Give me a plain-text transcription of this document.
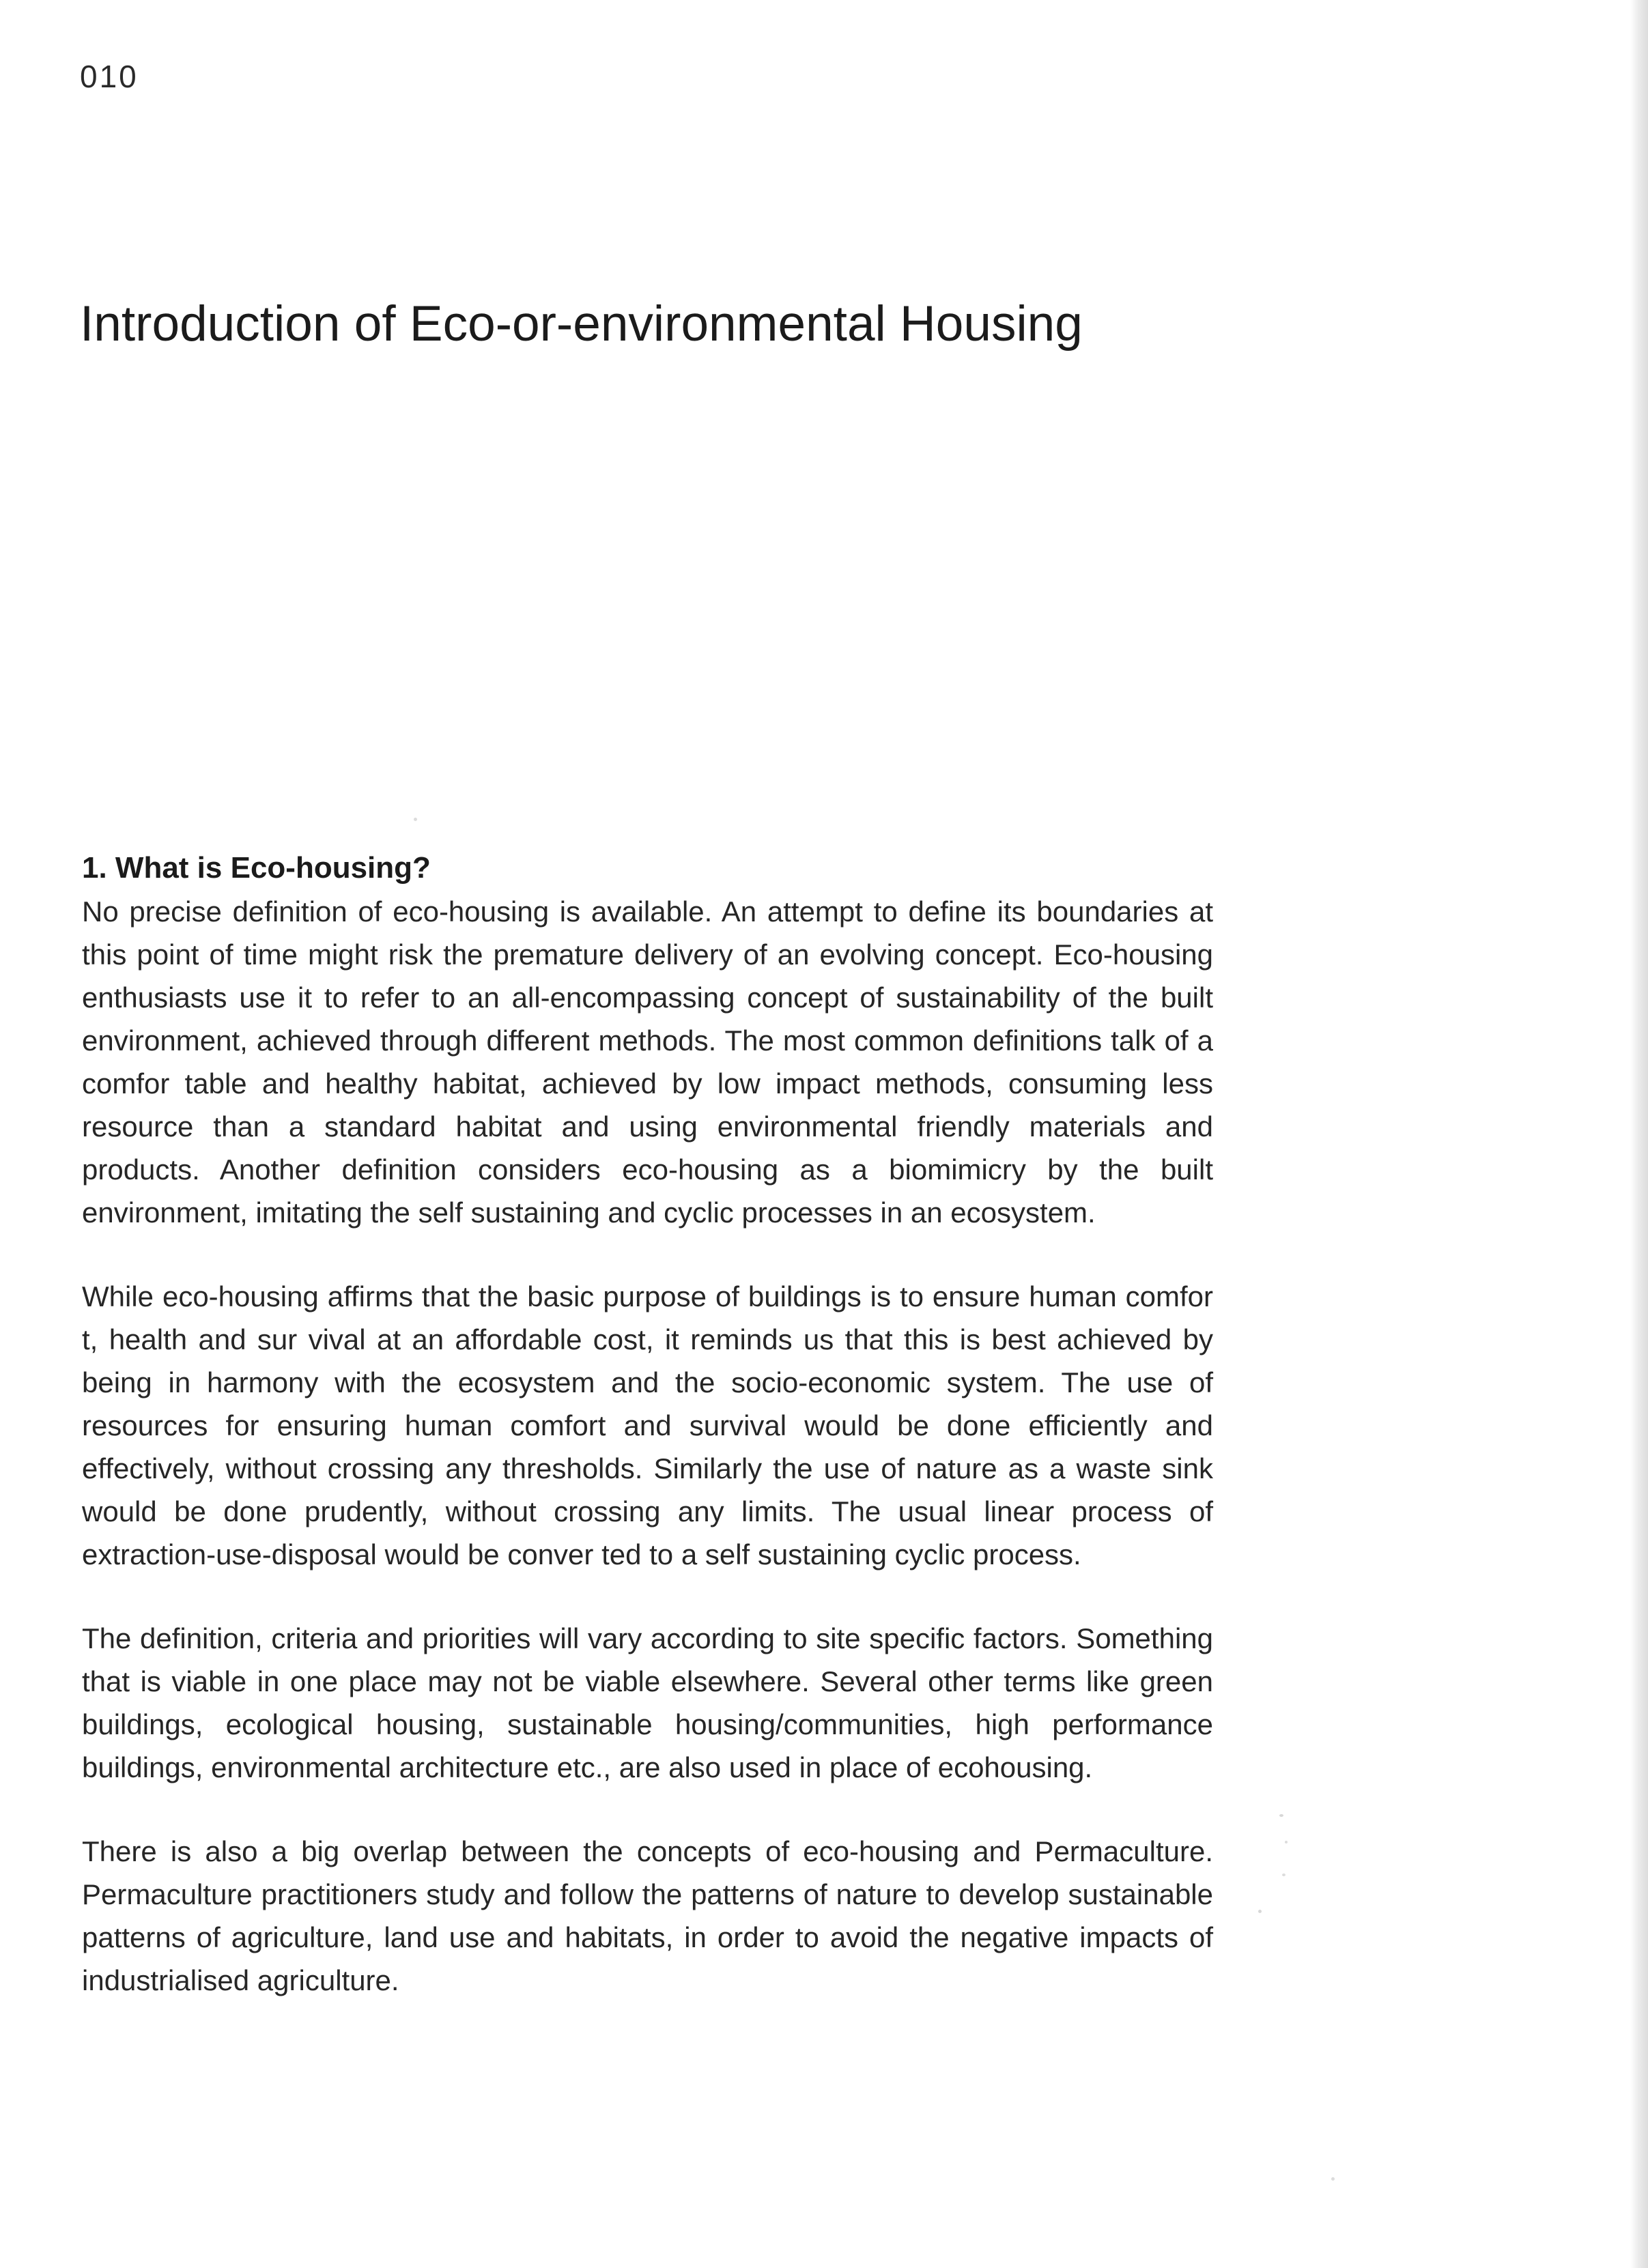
010
Introduction of Eco-or-environmental Housing
1. What is Eco-housing?

No precise definition of eco-housing is available. An attempt to define its boundaries at this point of time might risk the premature delivery of an evolving concept. Eco-housing enthusiasts use it to refer to an all-encompassing concept of sustainability of the built environment, achieved through different methods. The most common definitions talk of a comfor table and healthy habitat, achieved by low impact methods, consuming less resource than a standard habitat and using environmental friendly materials and products. Another definition considers eco-housing as a biomimicry by the built environment, imitating the self sustaining and cyclic processes in an ecosystem.

While eco-housing affirms that the basic purpose of buildings is to ensure human comfor t, health and sur vival at an affordable cost, it reminds us that this is best achieved by being in harmony with the ecosystem and the socio-economic system. The use of resources for ensuring human comfort and survival would be done efficiently and effectively, without crossing any thresholds. Similarly the use of nature as a waste sink would be done prudently, without crossing any limits. The usual linear process of extraction-use-disposal would be conver ted to a self sustaining cyclic process.

The definition, criteria and priorities will vary according to site specific factors. Something that is viable in one place may not be viable elsewhere. Several other terms like green buildings, ecological housing, sustainable housing/communities, high performance buildings, environmental architecture etc., are also used in place of ecohousing.

There is also a big overlap between the concepts of eco-housing and Permaculture. Permaculture practitioners study and follow the patterns of nature to develop sustainable patterns of agriculture, land use and habitats, in order to avoid the negative impacts of industrialised agriculture.
